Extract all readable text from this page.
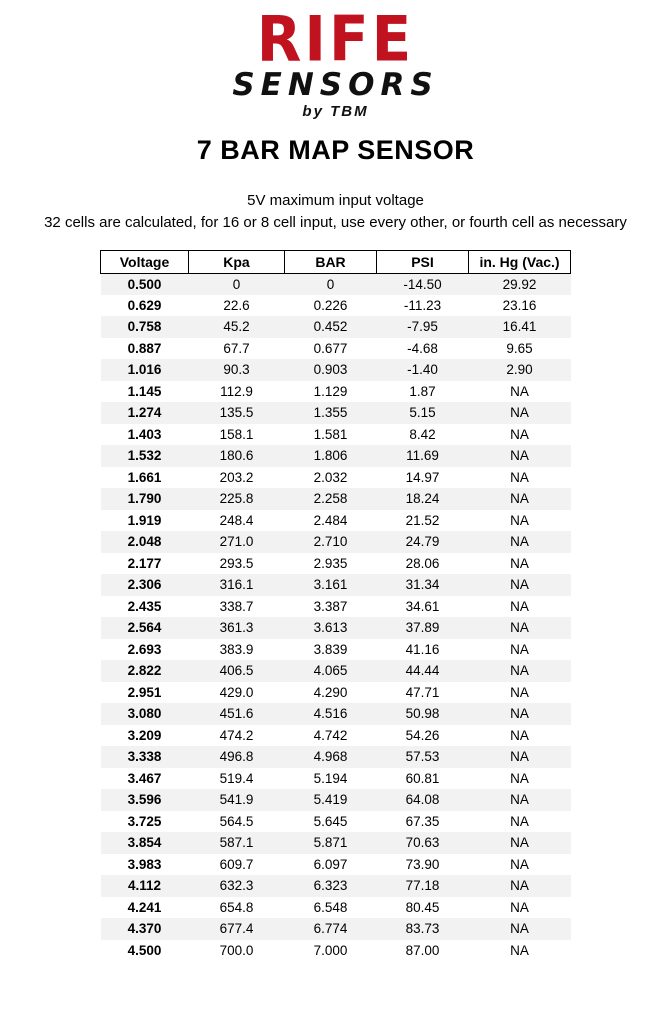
RIFE
SENSORS
by TBM
7 BAR MAP SENSOR

5V maximum input voltage

32 cells are calculated, for 16 or 8 cell input, use every other, or fourth cell as necessary

Voltage	Kpa	BAR	PSI	in. Hg (Vac.)
0.500	0	0	-14.50	29.92
0.629	22.6	0.226	-11.23	23.16
0.758	45.2	0.452	-7.95	16.41
0.887	67.7	0.677	-4.68	9.65
1.016	90.3	0.903	-1.40	2.90
1.145	112.9	1.129	1.87	NA
1.274	135.5	1.355	5.15	NA
1.403	158.1	1.581	8.42	NA
1.532	180.6	1.806	11.69	NA
1.661	203.2	2.032	14.97	NA
1.790	225.8	2.258	18.24	NA
1.919	248.4	2.484	21.52	NA
2.048	271.0	2.710	24.79	NA
2.177	293.5	2.935	28.06	NA
2.306	316.1	3.161	31.34	NA
2.435	338.7	3.387	34.61	NA
2.564	361.3	3.613	37.89	NA
2.693	383.9	3.839	41.16	NA
2.822	406.5	4.065	44.44	NA
2.951	429.0	4.290	47.71	NA
3.080	451.6	4.516	50.98	NA
3.209	474.2	4.742	54.26	NA
3.338	496.8	4.968	57.53	NA
3.467	519.4	5.194	60.81	NA
3.596	541.9	5.419	64.08	NA
3.725	564.5	5.645	67.35	NA
3.854	587.1	5.871	70.63	NA
3.983	609.7	6.097	73.90	NA
4.112	632.3	6.323	77.18	NA
4.241	654.8	6.548	80.45	NA
4.370	677.4	6.774	83.73	NA
4.500	700.0	7.000	87.00	NA
